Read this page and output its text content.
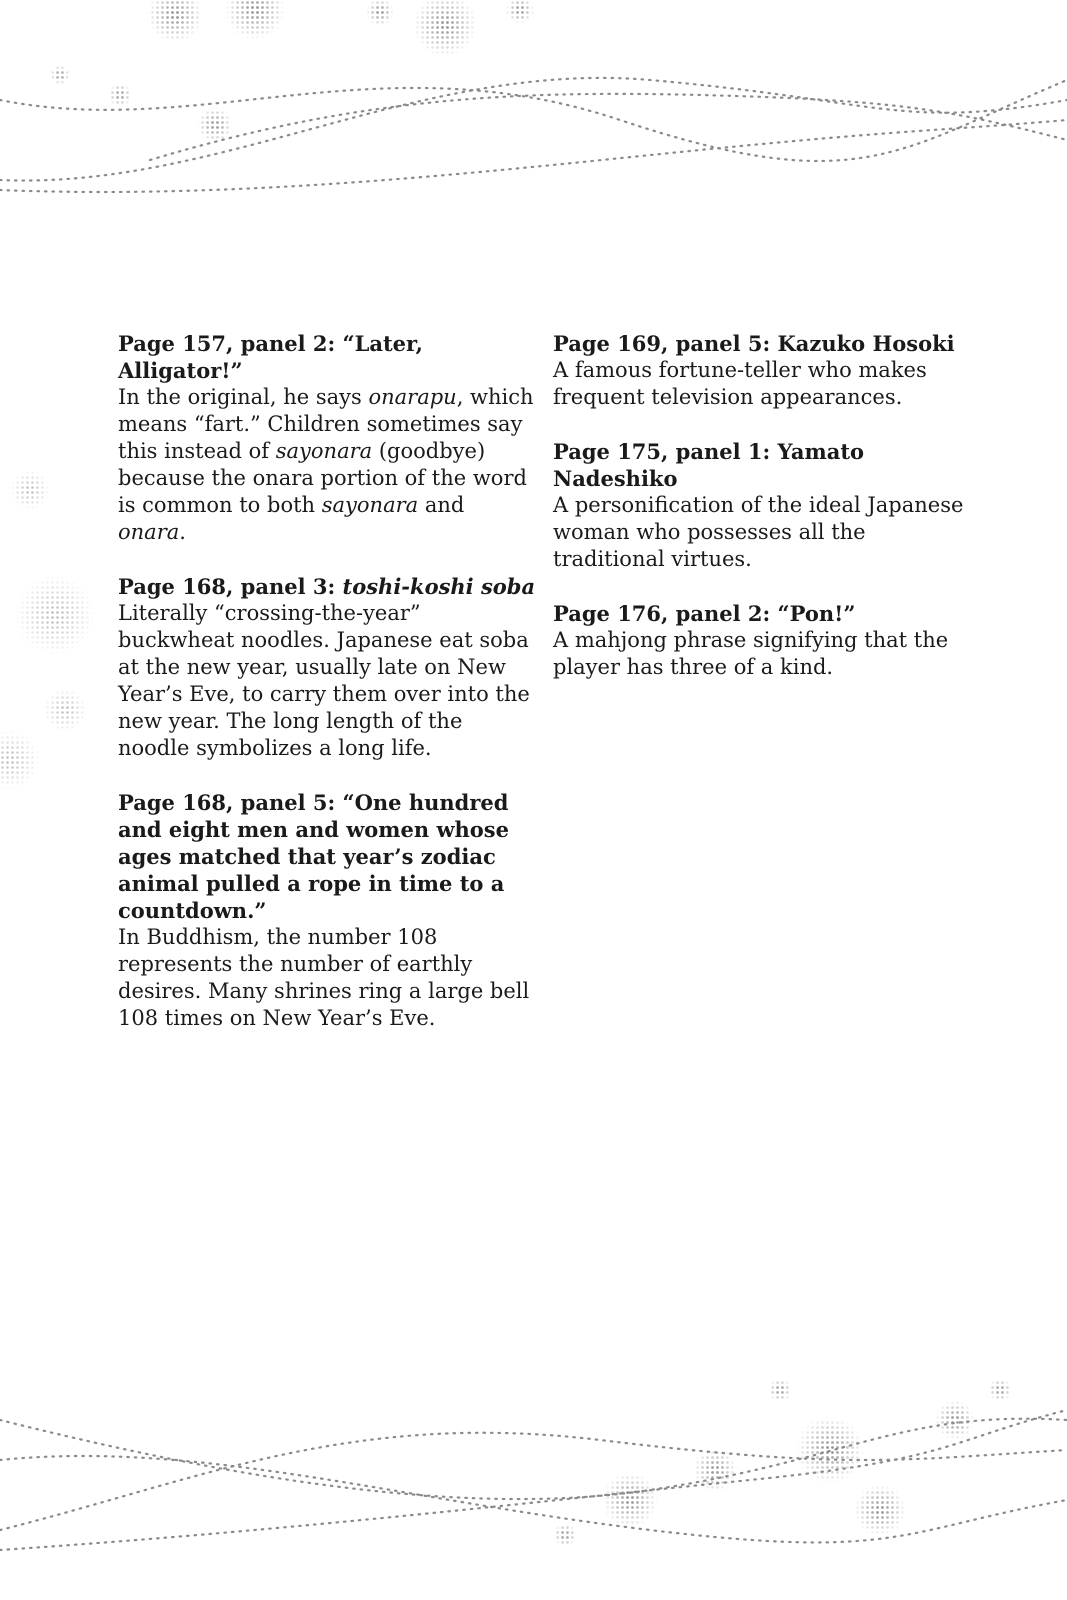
Page 157, panel 2: “Later, Alligator!”
In the original, he says onarapu, which means “fart.” Children sometimes say this instead of sayonara (goodbye) because the onara portion of the word is common to both sayonara and onara.
Page 168, panel 3: toshi-koshi soba
Literally “crossing-the-year” buckwheat noodles. Japanese eat soba at the new year, usually late on New Year’s Eve, to carry them over into the new year. The long length of the noodle symbolizes a long life.
Page 168, panel 5: “One hundred and eight men and women whose ages matched that year’s zodiac animal pulled a rope in time to a countdown.”
In Buddhism, the number 108 represents the number of earthly desires. Many shrines ring a large bell 108 times on New Year’s Eve.
Page 169, panel 5: Kazuko Hosoki
A famous fortune-teller who makes frequent television appearances.
Page 175, panel 1: Yamato Nadeshiko
A personification of the ideal Japanese woman who possesses all the traditional virtues.
Page 176, panel 2: “Pon!”
A mahjong phrase signifying that the player has three of a kind.
